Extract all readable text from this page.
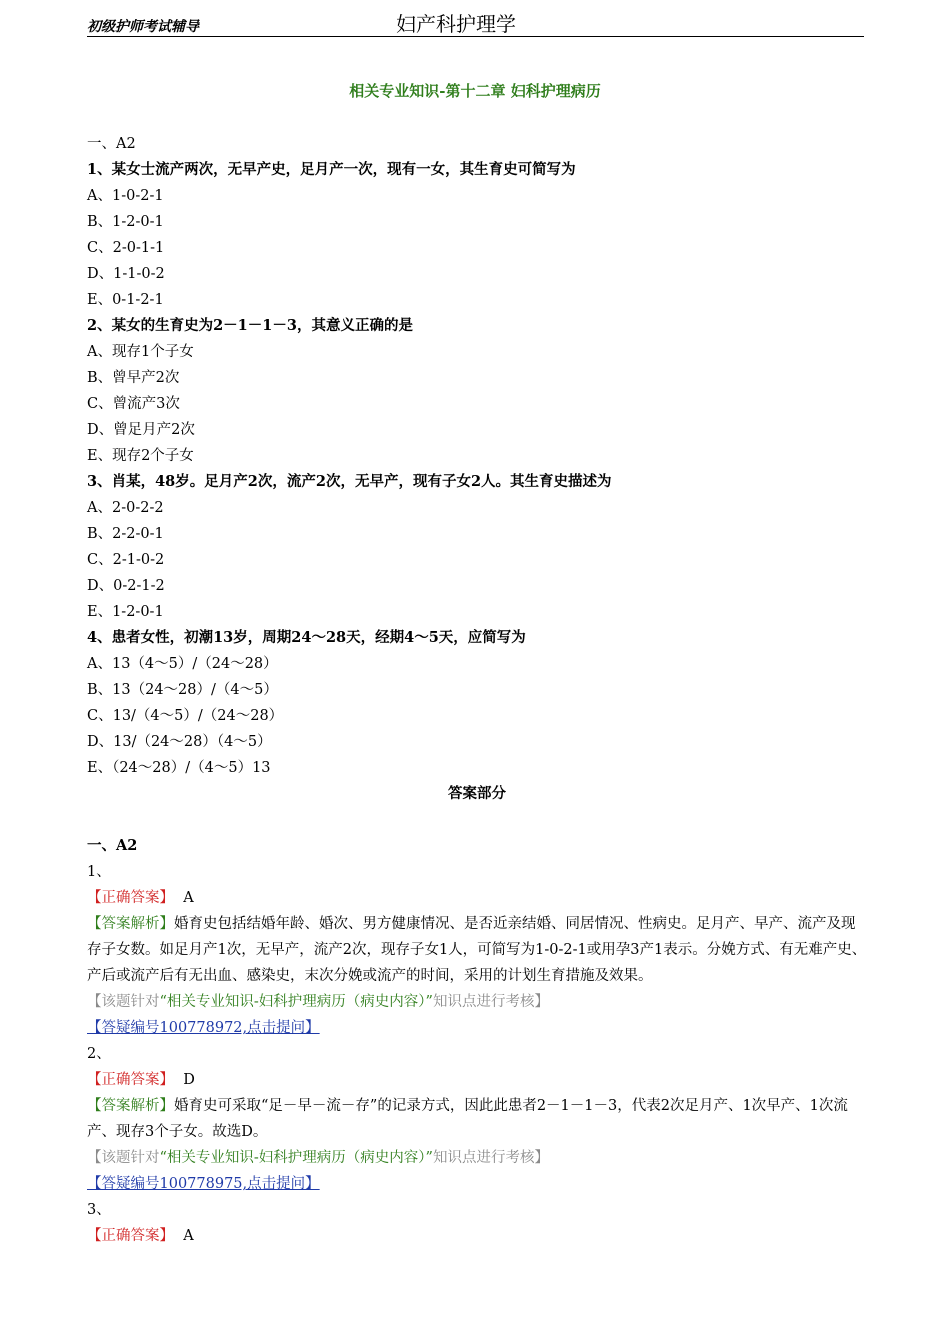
初级护师考试辅导	妇产科护理学
相关专业知识-第十二章 妇科护理病历
一、A2
1、某女士流产两次，无早产史，足月产一次，现有一女，其生育史可简写为
A、1-0-2-1
B、1-2-0-1
C、2-0-1-1
D、1-1-0-2
E、0-1-2-1
2、某女的生育史为2－1－1－3，其意义正确的是
A、现存1个子女
B、曾早产2次
C、曾流产3次
D、曾足月产2次
E、现存2个子女
3、肖某，48岁。足月产2次，流产2次，无早产，现有子女2人。其生育史描述为
A、2-0-2-2
B、2-2-0-1
C、2-1-0-2
D、0-2-1-2
E、1-2-0-1
4、患者女性，初潮13岁，周期24～28天，经期4～5天，应简写为
A、13（4～5）/（24～28）
B、13（24～28）/（4～5）
C、13/（4～5）/（24～28）
D、13/（24～28）（4～5）
E、（24～28）/（4～5）13
答案部分
一、A2
1、
【正确答案】 A
【答案解析】婚育史包括结婚年龄、婚次、男方健康情况、是否近亲结婚、同居情况、性病史。足月产、早产、流产及现存子女数。如足月产1次，无早产，流产2次，现存子女1人，可简写为1-0-2-1或用孕3产1表示。分娩方式、有无难产史、产后或流产后有无出血、感染史，末次分娩或流产的时间，采用的计划生育措施及效果。
【该题针对“相关专业知识-妇科护理病历（病史内容）”知识点进行考核】
【答疑编号100778972,点击提问】
2、
【正确答案】 D
【答案解析】婚育史可采取“足－早－流－存”的记录方式，因此此患者2－1－1－3，代表2次足月产、1次早产、1次流产、现存3个子女。故选D。
【该题针对“相关专业知识-妇科护理病历（病史内容）”知识点进行考核】
【答疑编号100778975,点击提问】
3、
【正确答案】 A
